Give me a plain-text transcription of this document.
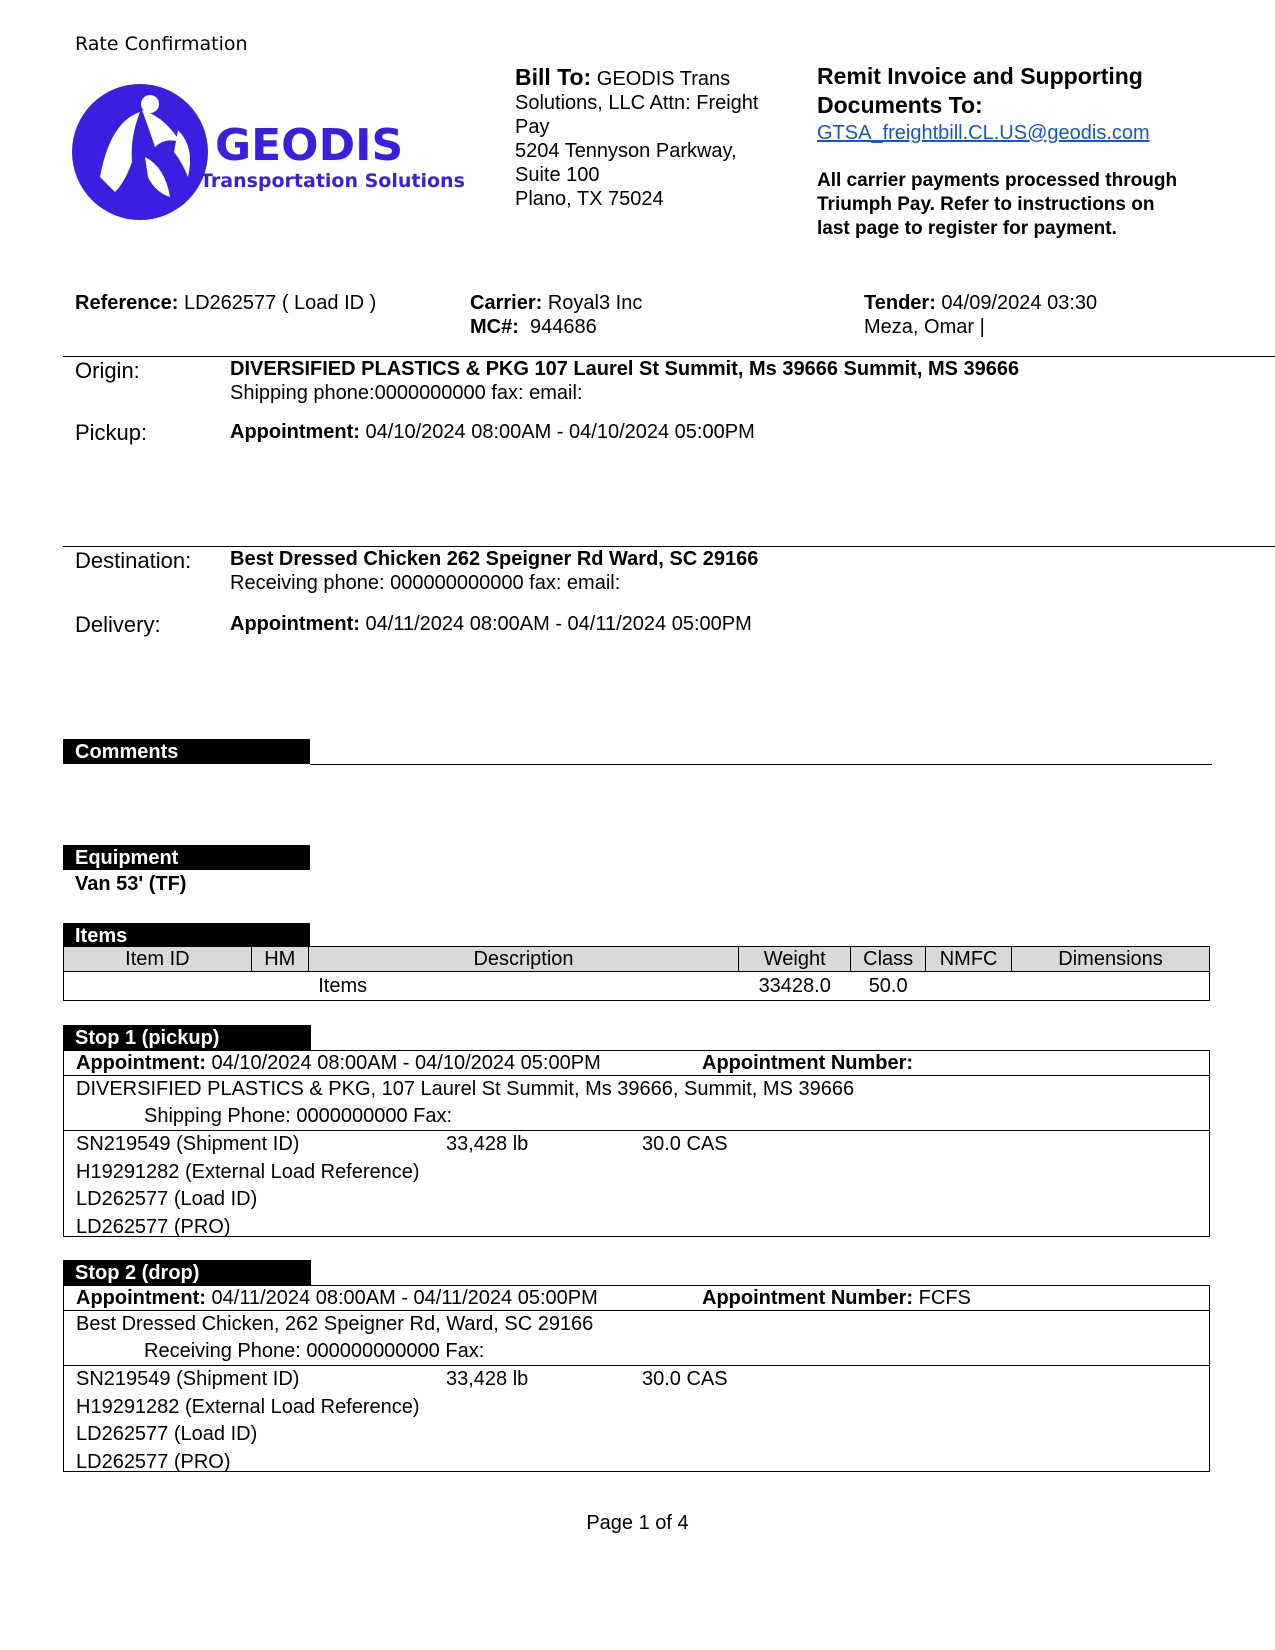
Rate Confirmation
GEODIS
Transportation Solutions
Bill To: GEODIS Trans
Solutions, LLC Attn: Freight
Pay
5204 Tennyson Parkway,
Suite 100
Plano, TX 75024
Remit Invoice and Supporting
Documents To:
GTSA_freightbill.CL.US@geodis.com
All carrier payments processed through
Triumph Pay. Refer to instructions on
last page to register for payment.
Reference: LD262577 ( Load ID )	Carrier: Royal3 Inc
MC#: 944686
Tender: 04/09/2024 03:30
Meza, Omar |
Origin:	DIVERSIFIED PLASTICS & PKG 107 Laurel St Summit, Ms 39666 Summit, MS 39666
Shipping phone:0000000000 fax: email:
Pickup:	Appointment: 04/10/2024 08:00AM - 04/10/2024 05:00PM
Destination: Best Dressed Chicken 262 Speigner Rd Ward, SC 29166
Receiving phone: 000000000000 fax: email:
Delivery:	Appointment: 04/11/2024 08:00AM - 04/11/2024 05:00PM
Comments
Equipment
Van 53' (TF)
Items
Item ID	HM	Description	Weight	Class	NMFC	Dimensions
		Items	33428.0	50.0		
Stop 1 (pickup)
Appointment: 04/10/2024 08:00AM - 04/10/2024 05:00PM	Appointment Number:
DIVERSIFIED PLASTICS & PKG, 107 Laurel St Summit, Ms 39666, Summit, MS 39666
Shipping Phone: 0000000000 Fax:
SN219549 (Shipment ID)	33,428 lb	30.0 CAS
H19291282 (External Load Reference)
LD262577 (Load ID)
LD262577 (PRO)
Stop 2 (drop)
Appointment: 04/11/2024 08:00AM - 04/11/2024 05:00PM	Appointment Number: FCFS
Best Dressed Chicken, 262 Speigner Rd, Ward, SC 29166
Receiving Phone: 000000000000 Fax:
SN219549 (Shipment ID)	33,428 lb	30.0 CAS
H19291282 (External Load Reference)
LD262577 (Load ID)
LD262577 (PRO)
Page 1 of 4
